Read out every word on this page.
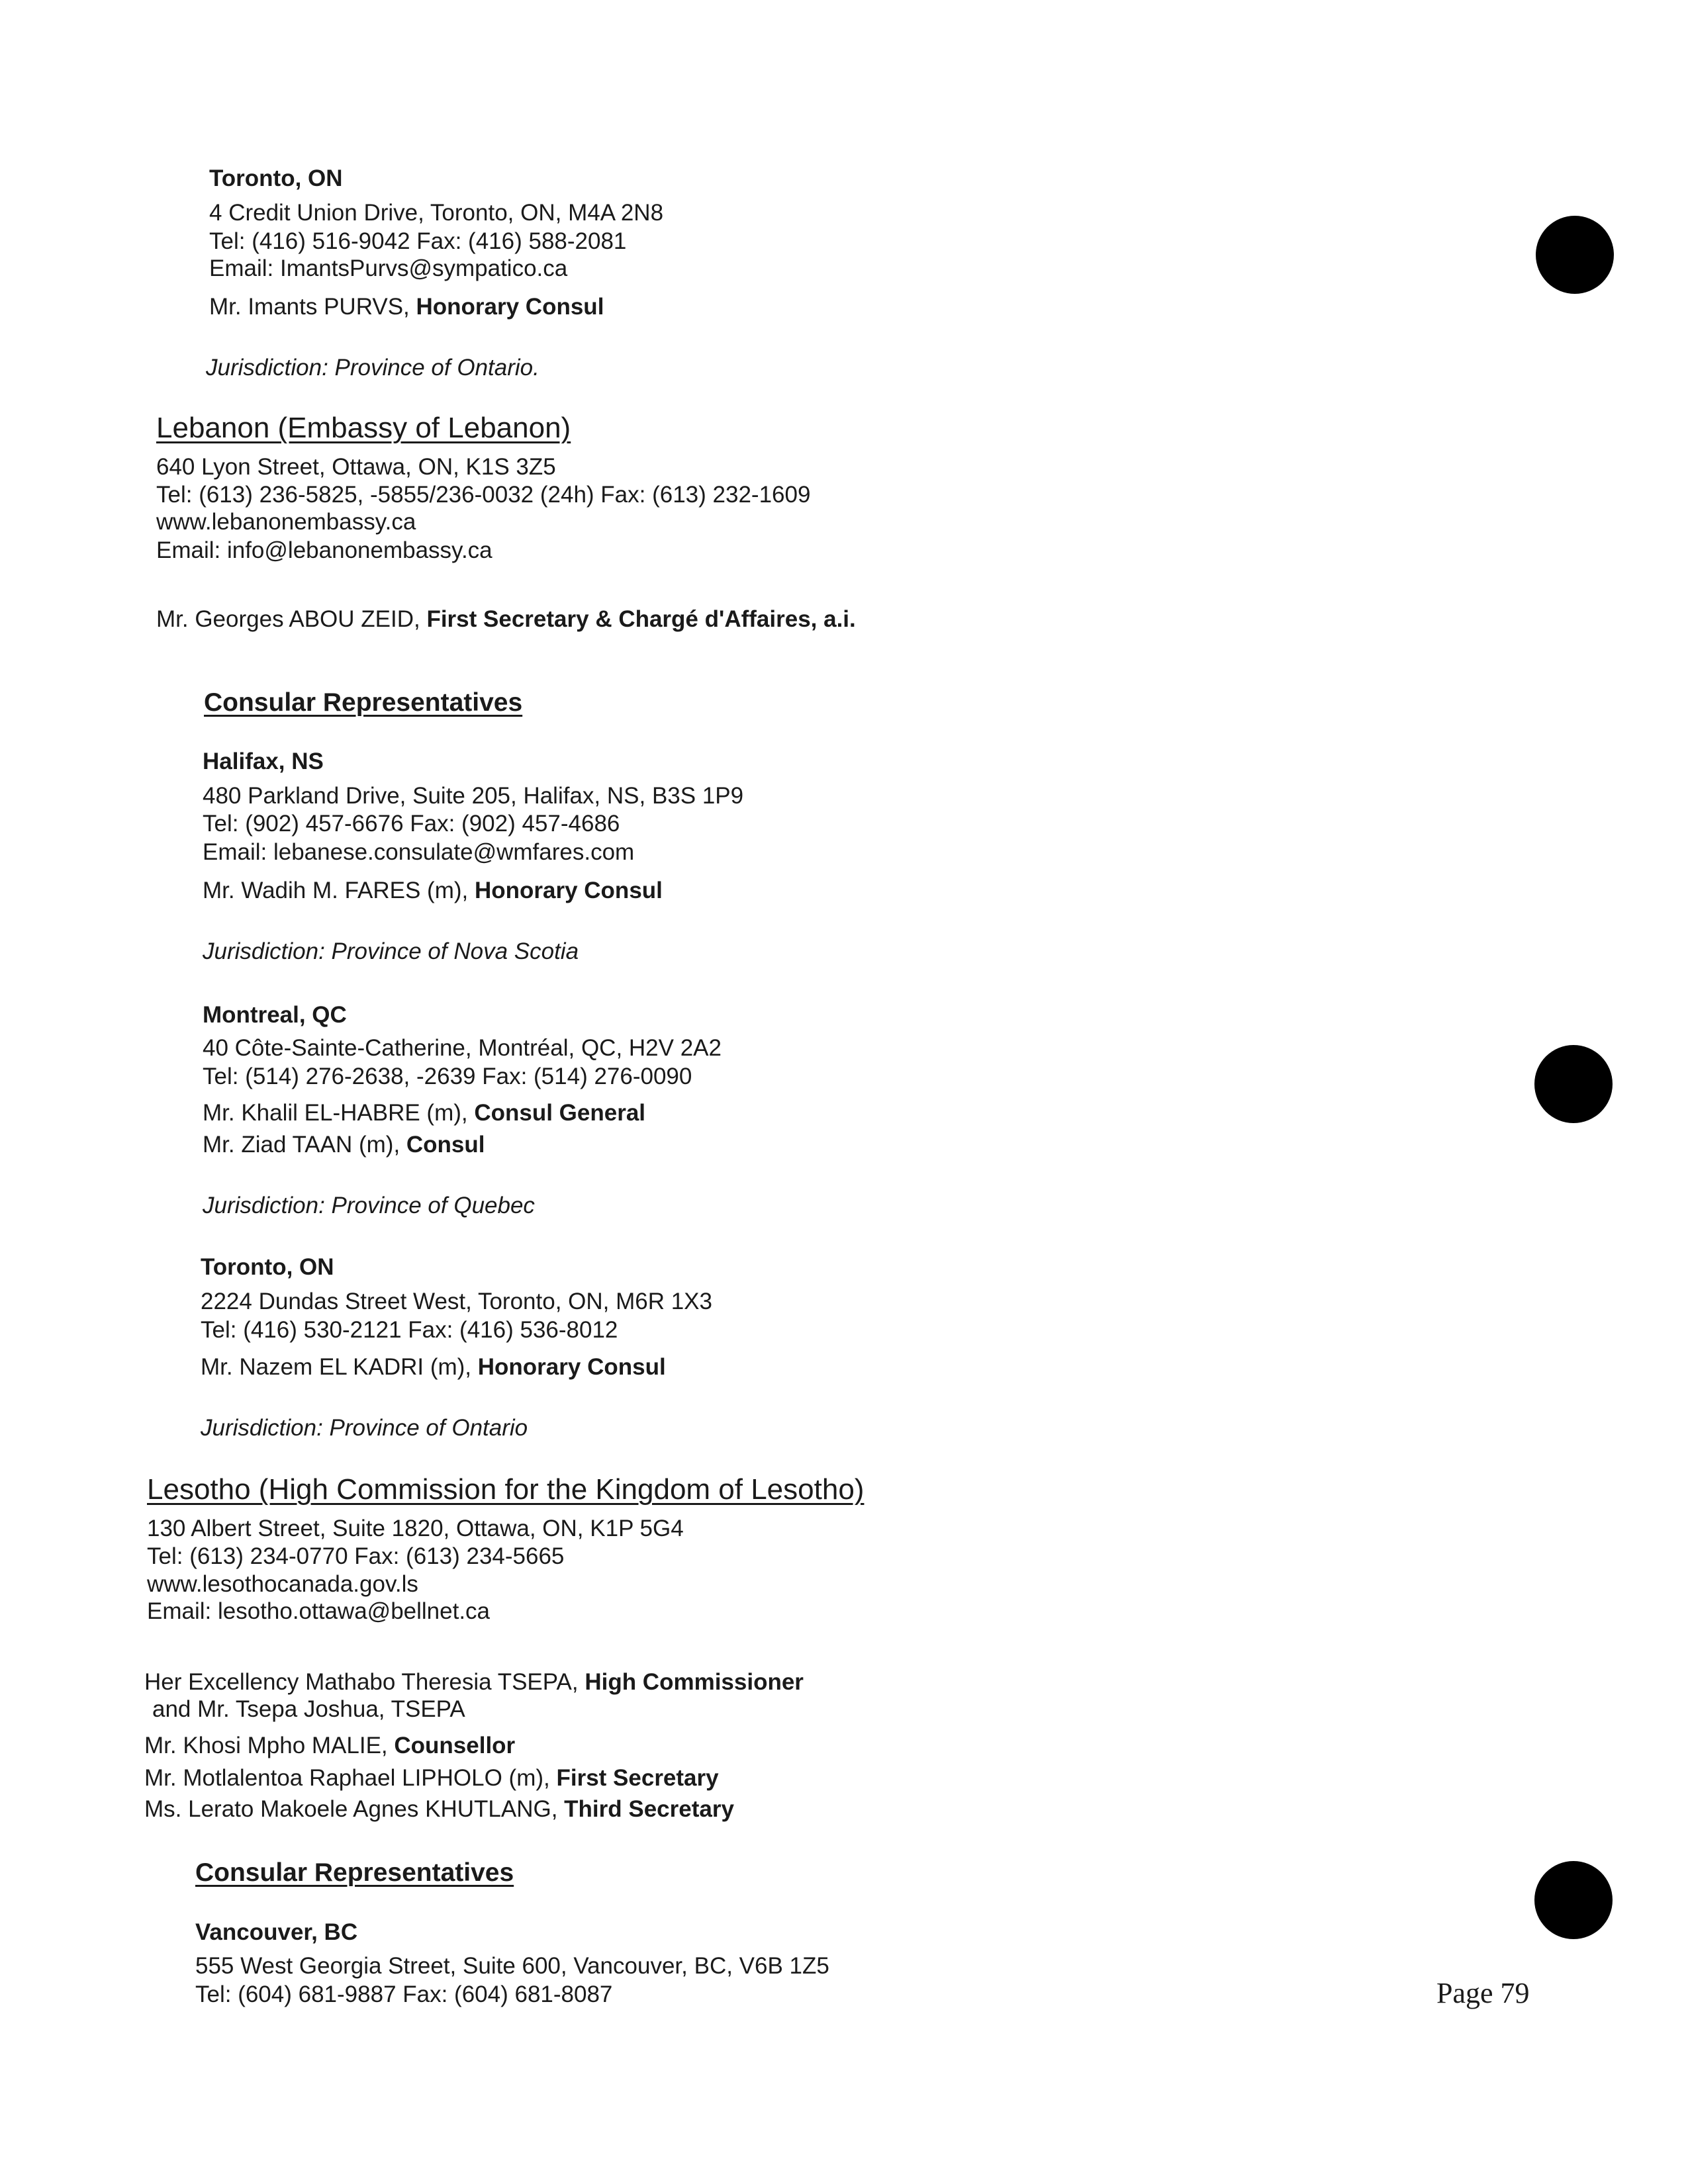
Toronto, ON
4 Credit Union Drive, Toronto, ON, M4A 2N8
Tel: (416) 516-9042 Fax: (416) 588-2081
Email: ImantsPurvs@sympatico.ca
Mr. Imants PURVS, Honorary Consul
Jurisdiction: Province of Ontario.
Lebanon (Embassy of Lebanon)
640 Lyon Street, Ottawa, ON, K1S 3Z5
Tel: (613) 236-5825, -5855/236-0032 (24h) Fax: (613) 232-1609
www.lebanonembassy.ca
Email: info@lebanonembassy.ca
Mr. Georges ABOU ZEID, First Secretary & Chargé d'Affaires, a.i.
Consular Representatives
Halifax, NS
480 Parkland Drive, Suite 205, Halifax, NS, B3S 1P9
Tel: (902) 457-6676 Fax: (902) 457-4686
Email: lebanese.consulate@wmfares.com
Mr. Wadih M. FARES (m), Honorary Consul
Jurisdiction: Province of Nova Scotia
Montreal, QC
40 Côte-Sainte-Catherine, Montréal, QC, H2V 2A2
Tel: (514) 276-2638, -2639 Fax: (514) 276-0090
Mr. Khalil EL-HABRE (m), Consul General
Mr. Ziad TAAN (m), Consul
Jurisdiction: Province of Quebec
Toronto, ON
2224 Dundas Street West, Toronto, ON, M6R 1X3
Tel: (416) 530-2121 Fax: (416) 536-8012
Mr. Nazem EL KADRI (m), Honorary Consul
Jurisdiction: Province of Ontario
Lesotho (High Commission for the Kingdom of Lesotho)
130 Albert Street, Suite 1820, Ottawa, ON, K1P 5G4
Tel: (613) 234-0770 Fax: (613) 234-5665
www.lesothocanada.gov.ls
Email: lesotho.ottawa@bellnet.ca
Her Excellency Mathabo Theresia TSEPA, High Commissioner
and Mr. Tsepa Joshua, TSEPA
Mr. Khosi Mpho MALIE, Counsellor
Mr. Motlalentoa Raphael LIPHOLO (m), First Secretary
Ms. Lerato Makoele Agnes KHUTLANG, Third Secretary
Consular Representatives
Vancouver, BC
555 West Georgia Street, Suite 600, Vancouver, BC, V6B 1Z5
Tel: (604) 681-9887 Fax: (604) 681-8087	Page 79
